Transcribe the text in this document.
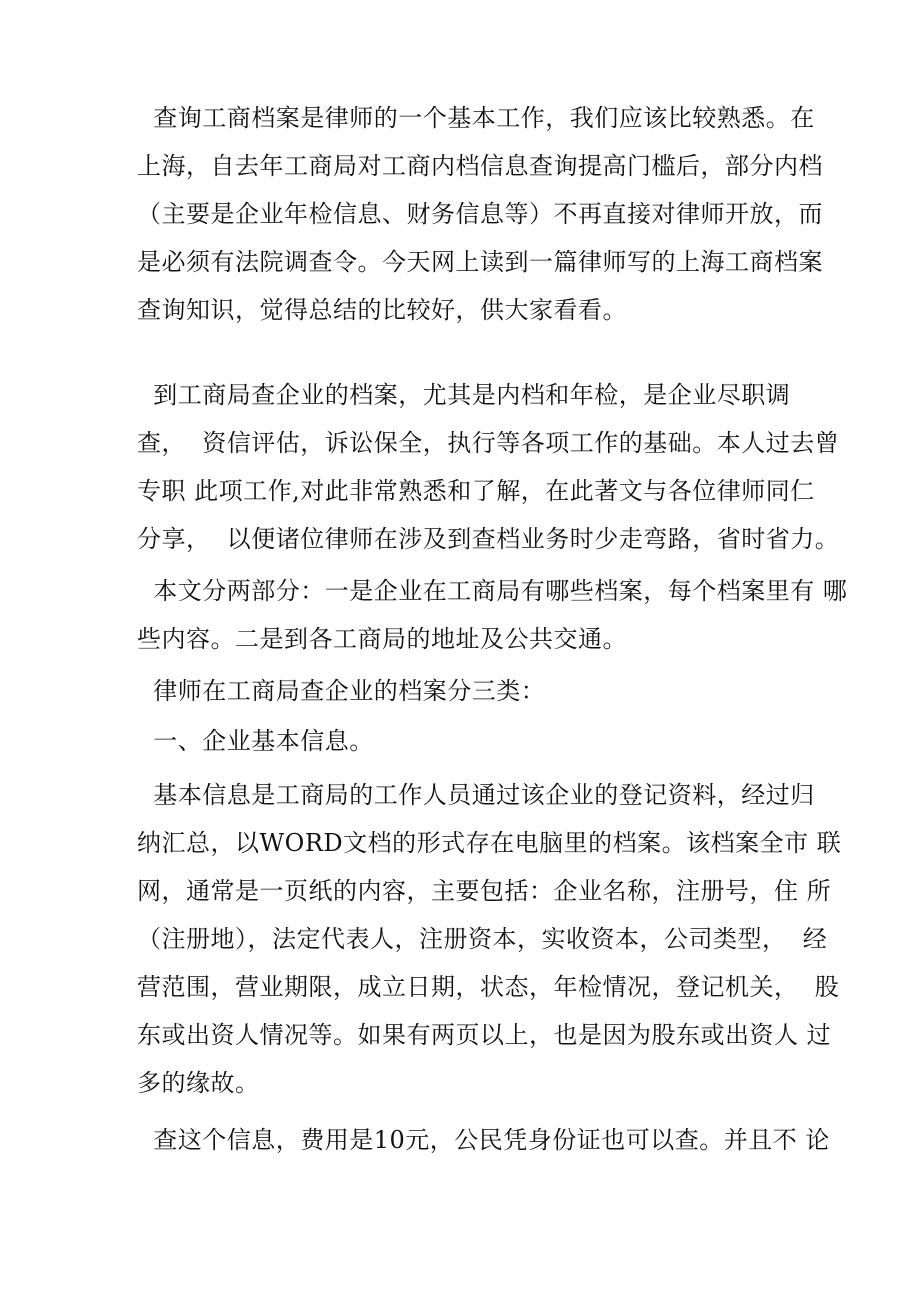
查询工商档案是律师的一个基本工作，我们应该比较熟悉。在
上海，自去年工商局对工商内档信息查询提高门槛后，部分内档
（主要是企业年检信息、财务信息等）不再直接对律师开放，而
是必须有法院调查令。今天网上读到一篇律师写的上海工商档案
查询知识，觉得总结的比较好，供大家看看。
到工商局查企业的档案，尤其是内档和年检，是企业尽职调
查，  资信评估，诉讼保全，执行等各项工作的基础。本人过去曾
专职 此项工作,对此非常熟悉和了解，在此著文与各位律师同仁
分享，  以便诸位律师在涉及到查档业务时少走弯路，省时省力。
本文分两部分：一是企业在工商局有哪些档案，每个档案里有 哪
些内容。二是到各工商局的地址及公共交通。
律师在工商局查企业的档案分三类：
一、企业基本信息。
基本信息是工商局的工作人员通过该企业的登记资料，经过归
纳汇总，以WORD文档的形式存在电脑里的档案。该档案全市 联
网，通常是一页纸的内容，主要包括：企业名称，注册号，住 所
（注册地），法定代表人，注册资本，实收资本，公司类型，  经
营范围，营业期限，成立日期，状态，年检情况，登记机关，  股
东或出资人情况等。如果有两页以上，也是因为股东或出资人 过
多的缘故。
查这个信息，费用是10元，公民凭身份证也可以查。并且不 论
